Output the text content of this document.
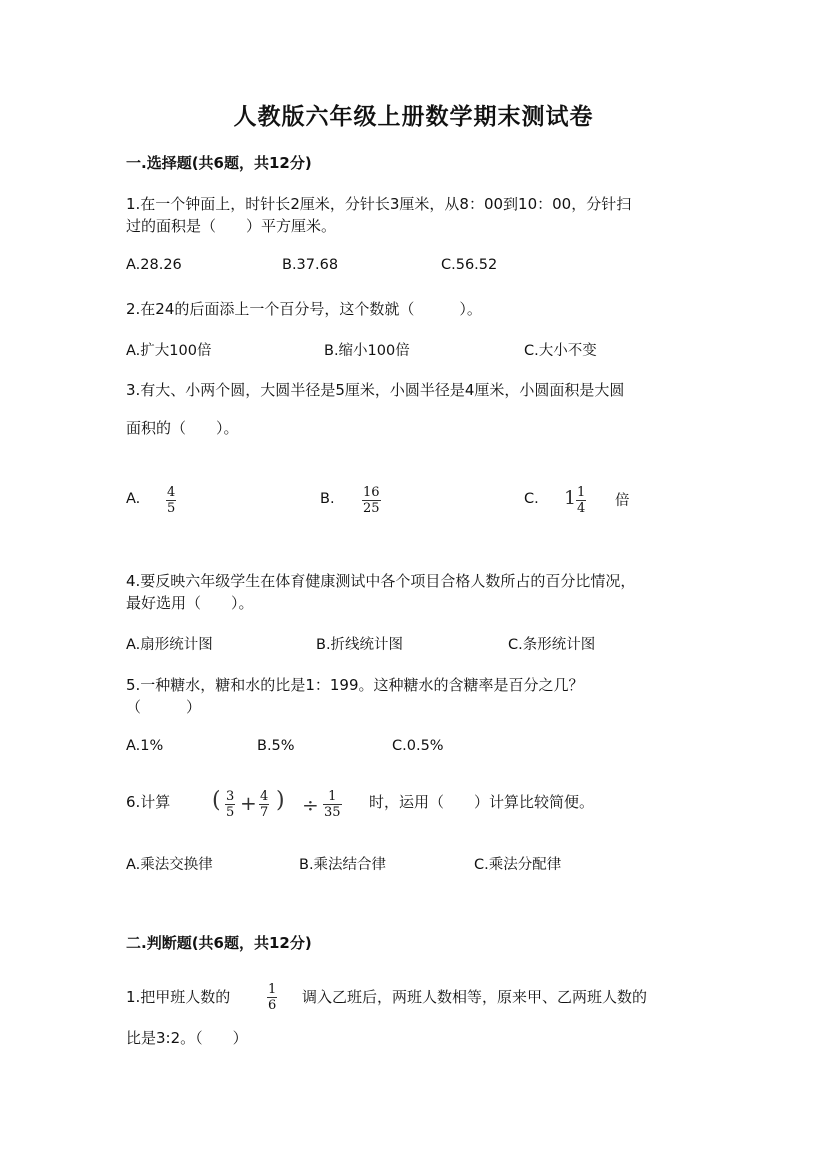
人教版六年级上册数学期末测试卷
一.选择题(共6题，共12分)
1.在一个钟面上，时针长2厘米，分针长3厘米，从8：00到10：00，分针扫
过的面积是（　　）平方厘米。
A.28.26	B.37.68	C.56.52
2.在24的后面添上一个百分号，这个数就（　　　）。
A.扩大100倍	B.缩小100倍	C.大小不变
3.有大、小两个圆，大圆半径是5厘米，小圆半径是4厘米，小圆面积是大圆
面积的（　　）。
A. $\frac{4}{5}$	B. $\frac{16}{25}$	C. $1 \frac{1}{4}$ 倍
4.要反映六年级学生在体育健康测试中各个项目合格人数所占的百分比情况，
最好选用（　　）。
A.扇形统计图	B.折线统计图	C.条形统计图
5.一种糖水，糖和水的比是1：199。这种糖水的含糖率是百分之几？
（　　　）
A.1%	B.5%	C.0.5%
6.计算 ( $\frac{3}{5} + \frac{4}{7}$ ) ÷ $\frac{1}{35}$ 时，运用（　　）计算比较简便。
A.乘法交换律	B.乘法结合律	C.乘法分配律
二.判断题(共6题，共12分)
1.把甲班人数的	$\frac{1}{6}$ 调入乙班后，两班人数相等，原来甲、乙两班人数的
比是3:2。（　　）
